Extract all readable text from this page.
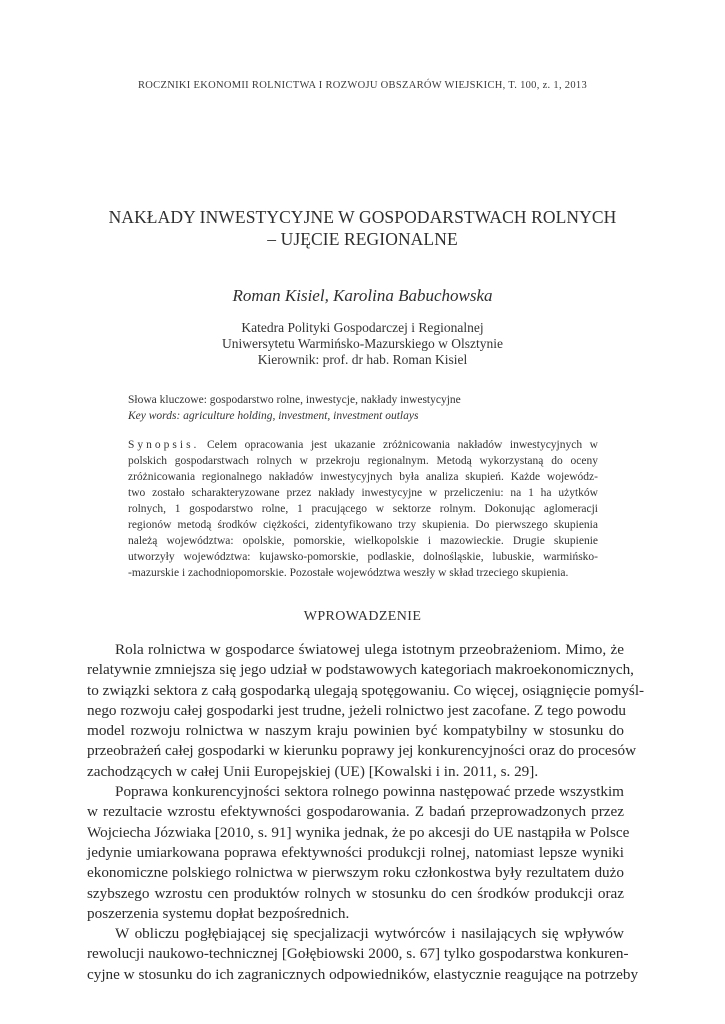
ROCZNIKI EKONOMII ROLNICTWA I ROZWOJU OBSZARÓW WIEJSKICH, T. 100, z. 1, 2013
NAKŁADY INWESTYCYJNE W GOSPODARSTWACH ROLNYCH
– UJĘCIE REGIONALNE
Roman Kisiel, Karolina Babuchowska
Katedra Polityki Gospodarczej i Regionalnej
Uniwersytetu Warmińsko-Mazurskiego w Olsztynie
Kierownik: prof. dr hab. Roman Kisiel
Słowa kluczowe: gospodarstwo rolne, inwestycje, nakłady inwestycyjne
Key words: agriculture holding, investment, investment outlays
Synopsis. Celem opracowania jest ukazanie zróżnicowania nakładów inwestycyjnych w
polskich gospodarstwach rolnych w przekroju regionalnym. Metodą wykorzystaną do oceny
zróżnicowania regionalnego nakładów inwestycyjnych była analiza skupień. Każde wojewódz-
two zostało scharakteryzowane przez nakłady inwestycyjne w przeliczeniu: na 1 ha użytków
rolnych, 1 gospodarstwo rolne, 1 pracującego w sektorze rolnym. Dokonując aglomeracji
regionów metodą środków ciężkości, zidentyfikowano trzy skupienia. Do pierwszego skupienia
należą województwa: opolskie, pomorskie, wielkopolskie i mazowieckie. Drugie skupienie
utworzyły województwa: kujawsko-pomorskie, podlaskie, dolnośląskie, lubuskie, warmińsko-
-mazurskie i zachodniopomorskie. Pozostałe województwa weszły w skład trzeciego skupienia.
WPROWADZENIE
Rola rolnictwa w gospodarce światowej ulega istotnym przeobrażeniom. Mimo, że
relatywnie zmniejsza się jego udział w podstawowych kategoriach makroekonomicznych,
to związki sektora z całą gospodarką ulegają spotęgowaniu. Co więcej, osiągnięcie pomyśl-
nego rozwoju całej gospodarki jest trudne, jeżeli rolnictwo jest zacofane. Z tego powodu
model rozwoju rolnictwa w naszym kraju powinien być kompatybilny w stosunku do
przeobrażeń całej gospodarki w kierunku poprawy jej konkurencyjności oraz do procesów
zachodzących w całej Unii Europejskiej (UE) [Kowalski i in. 2011, s. 29].
Poprawa konkurencyjności sektora rolnego powinna następować przede wszystkim
w rezultacie wzrostu efektywności gospodarowania. Z badań przeprowadzonych przez
Wojciecha Józwiaka [2010, s. 91] wynika jednak, że po akcesji do UE nastąpiła w Polsce
jedynie umiarkowana poprawa efektywności produkcji rolnej, natomiast lepsze wyniki
ekonomiczne polskiego rolnictwa w pierwszym roku członkostwa były rezultatem dużo
szybszego wzrostu cen produktów rolnych w stosunku do cen środków produkcji oraz
poszerzenia systemu dopłat bezpośrednich.
W obliczu pogłębiającej się specjalizacji wytwórców i nasilających się wpływów
rewolucji naukowo-technicznej [Gołębiowski 2000, s. 67] tylko gospodarstwa konkuren-
cyjne w stosunku do ich zagranicznych odpowiedników, elastycznie reagujące na potrzeby
